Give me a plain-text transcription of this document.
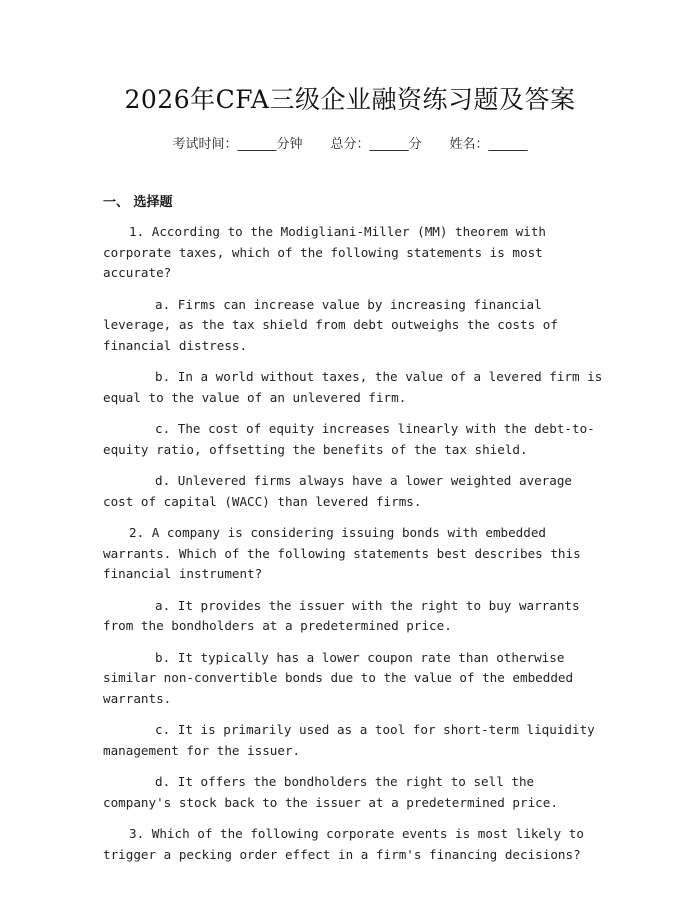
2026年CFA三级企业融资练习题及答案
考试时间：______分钟 总分：______分 姓名：______
一、 选择题

1. According to the Modigliani-Miller (MM) theorem with corporate taxes, which of the following statements is most accurate?

a. Firms can increase value by increasing financial leverage, as the tax shield from debt outweighs the costs of financial distress.

b. In a world without taxes, the value of a levered firm is equal to the value of an unlevered firm.

c. The cost of equity increases linearly with the debt-to-equity ratio, offsetting the benefits of the tax shield.

d. Unlevered firms always have a lower weighted average cost of capital (WACC) than levered firms.

2. A company is considering issuing bonds with embedded warrants. Which of the following statements best describes this financial instrument?

a. It provides the issuer with the right to buy warrants from the bondholders at a predetermined price.

b. It typically has a lower coupon rate than otherwise similar non-convertible bonds due to the value of the embedded warrants.

c. It is primarily used as a tool for short-term liquidity management for the issuer.

d. It offers the bondholders the right to sell the company's stock back to the issuer at a predetermined price.

3. Which of the following corporate events is most likely to trigger a pecking order effect in a firm's financing decisions?
